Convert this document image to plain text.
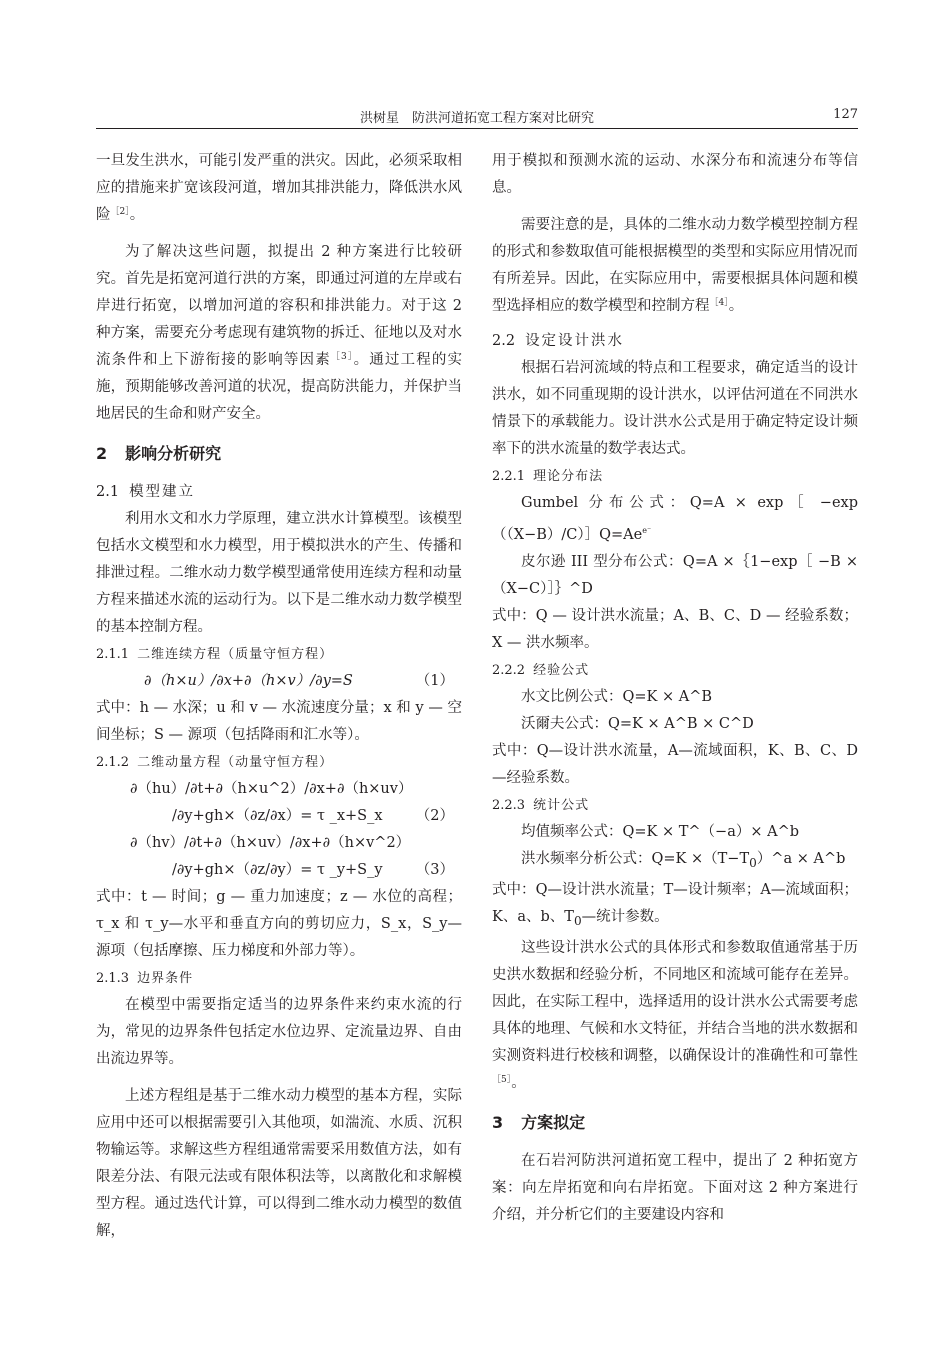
洪树星　防洪河道拓宽工程方案对比研究	127

一旦发生洪水，可能引发严重的洪灾。因此，必须采取相应的措施来扩宽该段河道，增加其排洪能力，降低洪水风险$^{[2]}$。

为了解决这些问题，拟提出 2 种方案进行比较研究。首先是拓宽河道行洪的方案，即通过河道的左岸或右岸进行拓宽，以增加河道的容积和排洪能力。对于这 2 种方案，需要充分考虑现有建筑物的拆迁、征地以及对水流条件和上下游衔接的影响等因素$^{[3]}$。通过工程的实施，预期能够改善河道的状况，提高防洪能力，并保护当地居民的生命和财产安全。

2 影响分析研究

2.1 模型建立

利用水文和水力学原理，建立洪水计算模型。该模型包括水文模型和水力模型，用于模拟洪水的产生、传播和排泄过程。二维水动力数学模型通常使用连续方程和动量方程来描述水流的运动行为。以下是二维水动力数学模型的基本控制方程。

2.1.1 二维连续方程（质量守恒方程）

∂（h×u）/∂x+∂（h×v）/∂y=S	（1）

式中：h — 水深；u 和 v — 水流速度分量；x 和 y — 空间坐标；S — 源项（包括降雨和汇水等）。

2.1.2 二维动量方程（动量守恒方程）

∂（hu）/∂t+∂（h×u^2）/∂x+∂（h×uv）
/∂y+gh×（∂z/∂x）= τ _x+S_x （2）
∂（hv）/∂t+∂（h×uv）/∂x+∂（h×v^2）
/∂y+gh×（∂z/∂y）= τ _y+S_y （3）

式中：t — 时间；g — 重力加速度；z — 水位的高程；τ_x 和 τ_y—水平和垂直方向的剪切应力，S_x，S_y—源项（包括摩擦、压力梯度和外部力等）。

2.1.3 边界条件

在模型中需要指定适当的边界条件来约束水流的行为，常见的边界条件包括定水位边界、定流量边界、自由出流边界等。

上述方程组是基于二维水动力模型的基本方程，实际应用中还可以根据需要引入其他项，如湍流、水质、沉积物输运等。求解这些方程组通常需要采用数值方法，如有限差分法、有限元法或有限体积法等，以离散化和求解模型方程。通过迭代计算，可以得到二维水动力模型的数值解，

用于模拟和预测水流的运动、水深分布和流速分布等信息。

需要注意的是，具体的二维水动力数学模型控制方程的形式和参数取值可能根据模型的类型和实际应用情况而有所差异。因此，在实际应用中，需要根据具体问题和模型选择相应的数学模型和控制方程$^{[4]}$。

2.2 设定设计洪水

根据石岩河流域的特点和工程要求，确定适当的设计洪水，如不同重现期的设计洪水，以评估河道在不同洪水情景下的承载能力。设计洪水公式是用于确定特定设计频率下的洪水流量的数学表达式。

2.2.1 理论分布法

Gumbel 分布公式：Q=A × exp［ $-\exp((X-B)/C)]Q=Ae^{e^-}$

皮尔逊 III 型分布公式：Q=A ×｛1−exp［ −B ×（X−C）］｝^D

式中：Q — 设计洪水流量；A、B、C、D — 经验系数；X — 洪水频率。

2.2.2 经验公式

水文比例公式：Q=K × A^B

沃爾夫公式：Q=K × A^B × C^D

式中：Q—设计洪水流量，A—流域面积，K、B、C、D—经验系数。

2.2.3 统计公式

均值频率公式：Q=K × T^（−a）× A^b

洪水频率分析公式：$Q=K \times(T-T_0)\^{}a$ × A^b

式中：Q—设计洪水流量；T—设计频率；A—流域面积；K、a、b、$T_0—$统计参数。

这些设计洪水公式的具体形式和参数取值通常基于历史洪水数据和经验分析，不同地区和流域可能存在差异。因此，在实际工程中，选择适用的设计洪水公式需要考虑具体的地理、气候和水文特征，并结合当地的洪水数据和实测资料进行校核和调整，以确保设计的准确性和可靠性$^{[5]}$。

3 方案拟定

在石岩河防洪河道拓宽工程中，提出了 2 种拓宽方案：向左岸拓宽和向右岸拓宽。下面对这 2 种方案进行介绍，并分析它们的主要建设内容和
